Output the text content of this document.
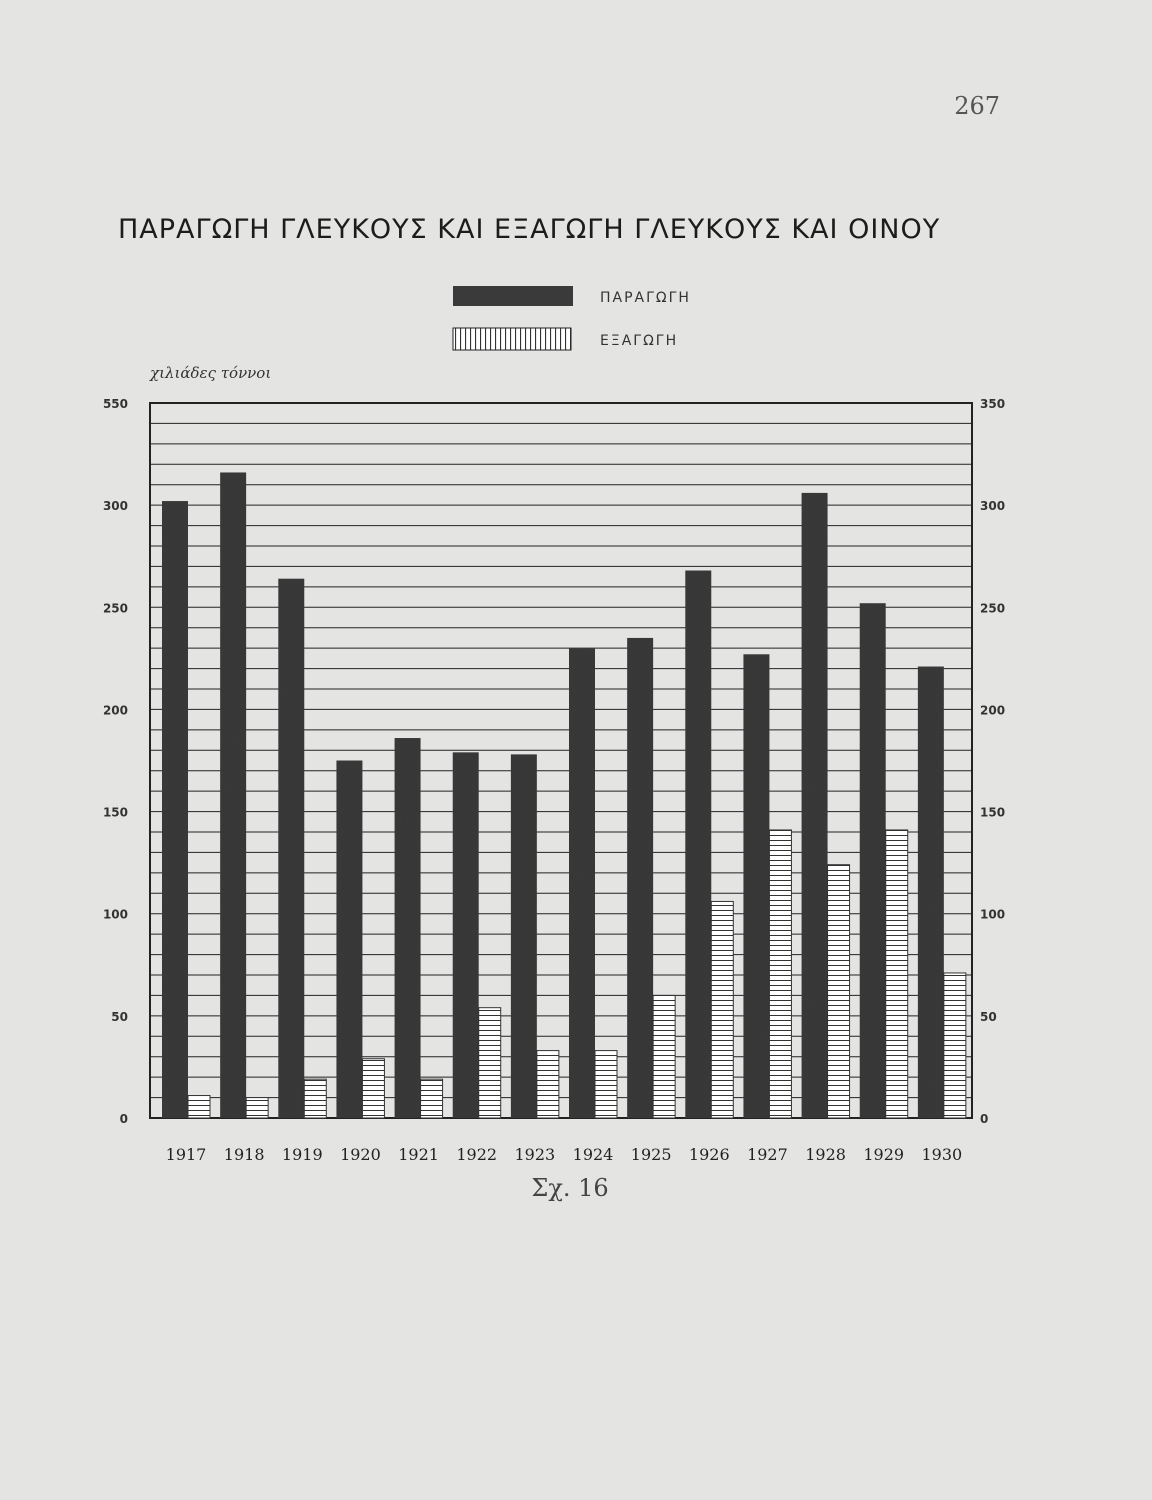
267
ΠΑΡΑΓΩΓΗ ΓΛΕΥΚΟΥΣ ΚΑΙ ΕΞΑΓΩΓΗ ΓΛΕΥΚΟΥΣ ΚΑΙ ΟΙΝΟΥ
ΠΑΡΑΓΩΓΗ
ΕΞΑΓΩΓΗ
χιλιάδες τόννοι
550	350
300	300
250	250
200	200
150	150
100	100
50	50
0	0
1917 1918 1919 1920 1921 1922 1923 1924 1925 1926 1927 1928 1929 1930
Σχ. 16
